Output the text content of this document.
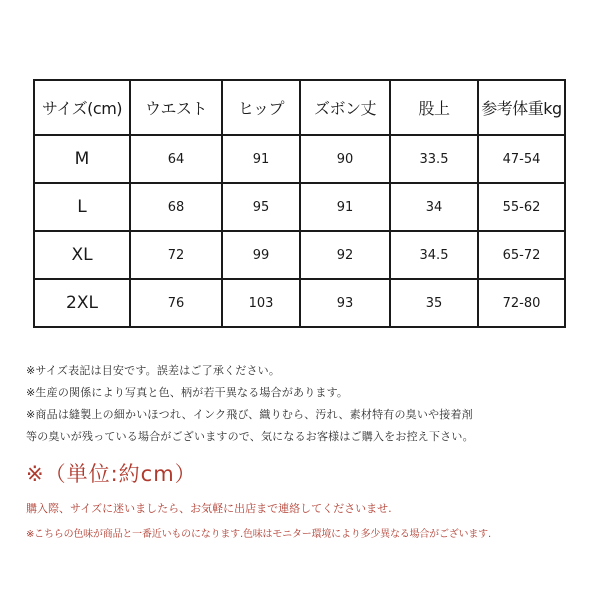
サイズ(cm)	ウエスト	ヒップ	ズボン丈	股上	参考体重kg
M	64	91	90	33.5	47-54
L	68	95	91	34	55-62
XL	72	99	92	34.5	65-72
2XL	76	103	93	35	72-80
※サイズ表記は目安です。誤差はご了承ください。
※生産の関係により写真と色、柄が若干異なる場合があります。
※商品は縫製上の細かいほつれ、インク飛び、織りむら、汚れ、素材特有の臭いや接着剤
等の臭いが残っている場合がございますので、気になるお客様はご購入をお控え下さい。
※（単位:約cm）
購入際、サイズに迷いましたら、お気軽に出店まで連絡してくださいませ.
※こちらの色味が商品と一番近いものになります.色味はモニター環境により多少異なる場合がございます.
